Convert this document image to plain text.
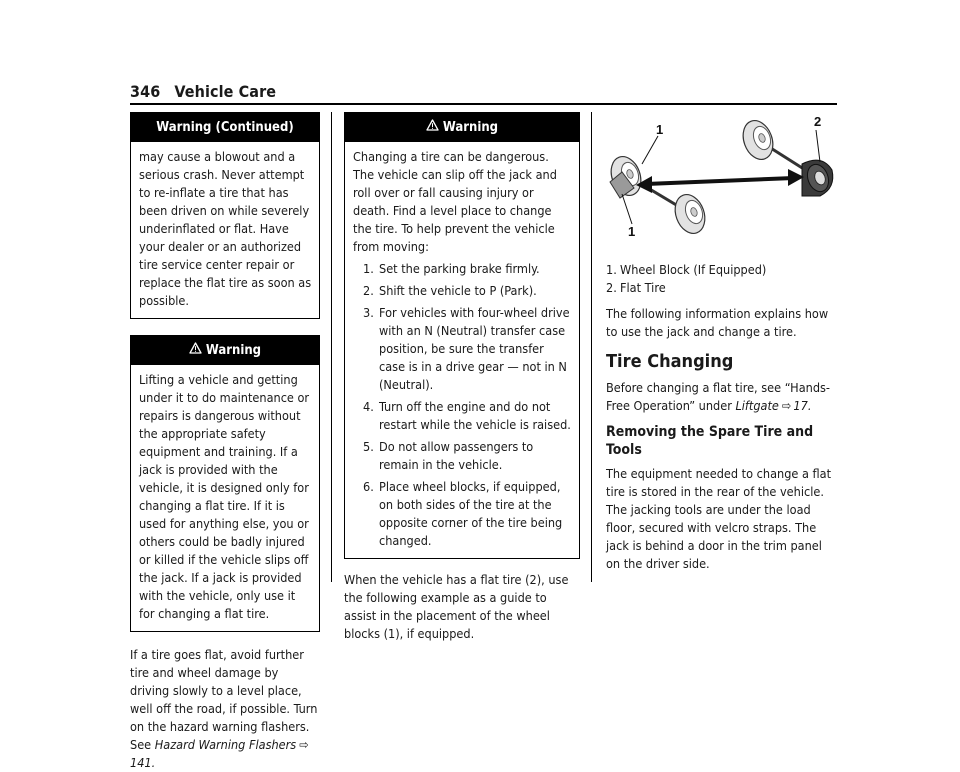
346 Vehicle Care
Warning (Continued)

may cause a blowout and a serious crash. Never attempt to re-inflate a tire that has been driven on while severely underinflated or flat. Have your dealer or an authorized tire service center repair or replace the flat tire as soon as possible.

Warning

Lifting a vehicle and getting under it to do maintenance or repairs is dangerous without the appropriate safety equipment and training. If a jack is provided with the vehicle, it is designed only for changing a flat tire. If it is used for anything else, you or others could be badly injured or killed if the vehicle slips off the jack. If a jack is provided with the vehicle, only use it for changing a flat tire.

If a tire goes flat, avoid further tire and wheel damage by driving slowly to a level place, well off the road, if possible. Turn on the hazard warning flashers. See Hazard Warning Flashers ⇨141.

Warning

Changing a tire can be dangerous. The vehicle can slip off the jack and roll over or fall causing injury or death. Find a level place to change the tire. To help prevent the vehicle from moving:

1. Set the parking brake firmly.
2. Shift the vehicle to P (Park).
3. For vehicles with four-wheel drive with an N (Neutral) transfer case position, be sure the transfer case is in a drive gear — not in N (Neutral).
4. Turn off the engine and do not restart while the vehicle is raised.
5. Do not allow passengers to remain in the vehicle.
6. Place wheel blocks, if equipped, on both sides of the tire at the opposite corner of the tire being changed.

When the vehicle has a flat tire (2), use the following example as a guide to assist in the placement of the wheel blocks (1), if equipped.

1
1
2
1. Wheel Block (If Equipped)
2. Flat Tire

The following information explains how to use the jack and change a tire.

Tire Changing

Before changing a flat tire, see “Hands-Free Operation” under Liftgate ⇨ 17.

Removing the Spare Tire and Tools

The equipment needed to change a flat tire is stored in the rear of the vehicle. The jacking tools are under the load floor, secured with velcro straps. The jack is behind a door in the trim panel on the driver side.
